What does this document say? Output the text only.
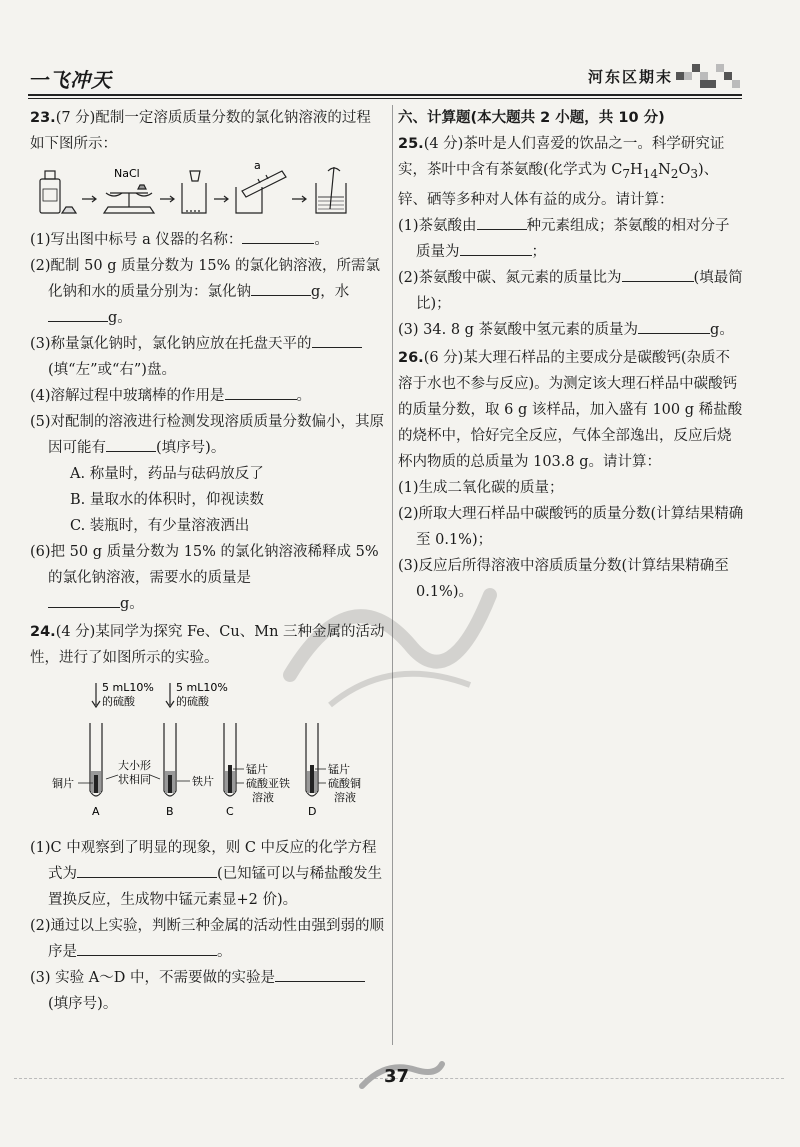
一飞冲天	河东区期末

23.(7 分)配制一定溶质质量分数的氯化钠溶液的过程如下图所示：

NaCl
a

(1)写出图中标号 a 仪器的名称：	。

(2)配制 50 g 质量分数为 15% 的氯化钠溶液，所需氯化钠和水的质量分别为：氯化钠	g，水g。

(3)称量氯化钠时，氯化钠应放在托盘天平的(填“左”或“右”)盘。

(4)溶解过程中玻璃棒的作用是	。

(5)对配制的溶液进行检测发现溶质质量分数偏小，其原因可能有	(填序号)。

A. 称量时，药品与砝码放反了

B. 量取水的体积时，仰视读数

C. 装瓶时，有少量溶液洒出

(6)把 50 g 质量分数为 15% 的氯化钠溶液稀释成 5% 的氯化钠溶液，需要水的质量是
g。

24.(4 分)某同学为探究 Fe、Cu、Mn 三种金属的活动性，进行了如图所示的实验。

5 mL10%
的硫酸
5 mL10%
的硫酸
铜片
大小形
状相同	铁片
锰片
硫酸亚铁
溶液
锰片
硫酸铜
溶液
A	B	C	D

(1)C 中观察到了明显的现象，则 C 中反应的化学方程式为	(已知锰可以与稀盐酸发生置换反应，生成物中锰元素显+2 价)。

(2)通过以上实验，判断三种金属的活动性由强到弱的顺序是	。

(3) 实验 A～D 中，不需要做的实验是(填序号)。

六、计算题(本大题共 2 小题，共 10 分)

25.(4 分)茶叶是人们喜爱的饮品之一。科学研究证实，茶叶中含有茶氨酸(化学式为 $C_7H_{14}N_2O_3$)、锌、硒等多种对人体有益的成分。请计算：

(1)茶氨酸由	种元素组成；茶氨酸的相对分子质量为	；

(2)茶氨酸中碳、氮元素的质量比为	(填最简比)；

(3) 34. 8 g 茶氨酸中氢元素的质量为	g。

26.(6 分)某大理石样品的主要成分是碳酸钙(杂质不溶于水也不参与反应)。为测定该大理石样品中碳酸钙的质量分数，取 6 g 该样品，加入盛有 100 g 稀盐酸的烧杯中，恰好完全反应，气体全部逸出，反应后烧杯内物质的总质量为 103.8 g。请计算：

(1)生成二氧化碳的质量；

(2)所取大理石样品中碳酸钙的质量分数(计算结果精确至 0.1%)；

(3)反应后所得溶液中溶质质量分数(计算结果精确至 0.1%)。

37
